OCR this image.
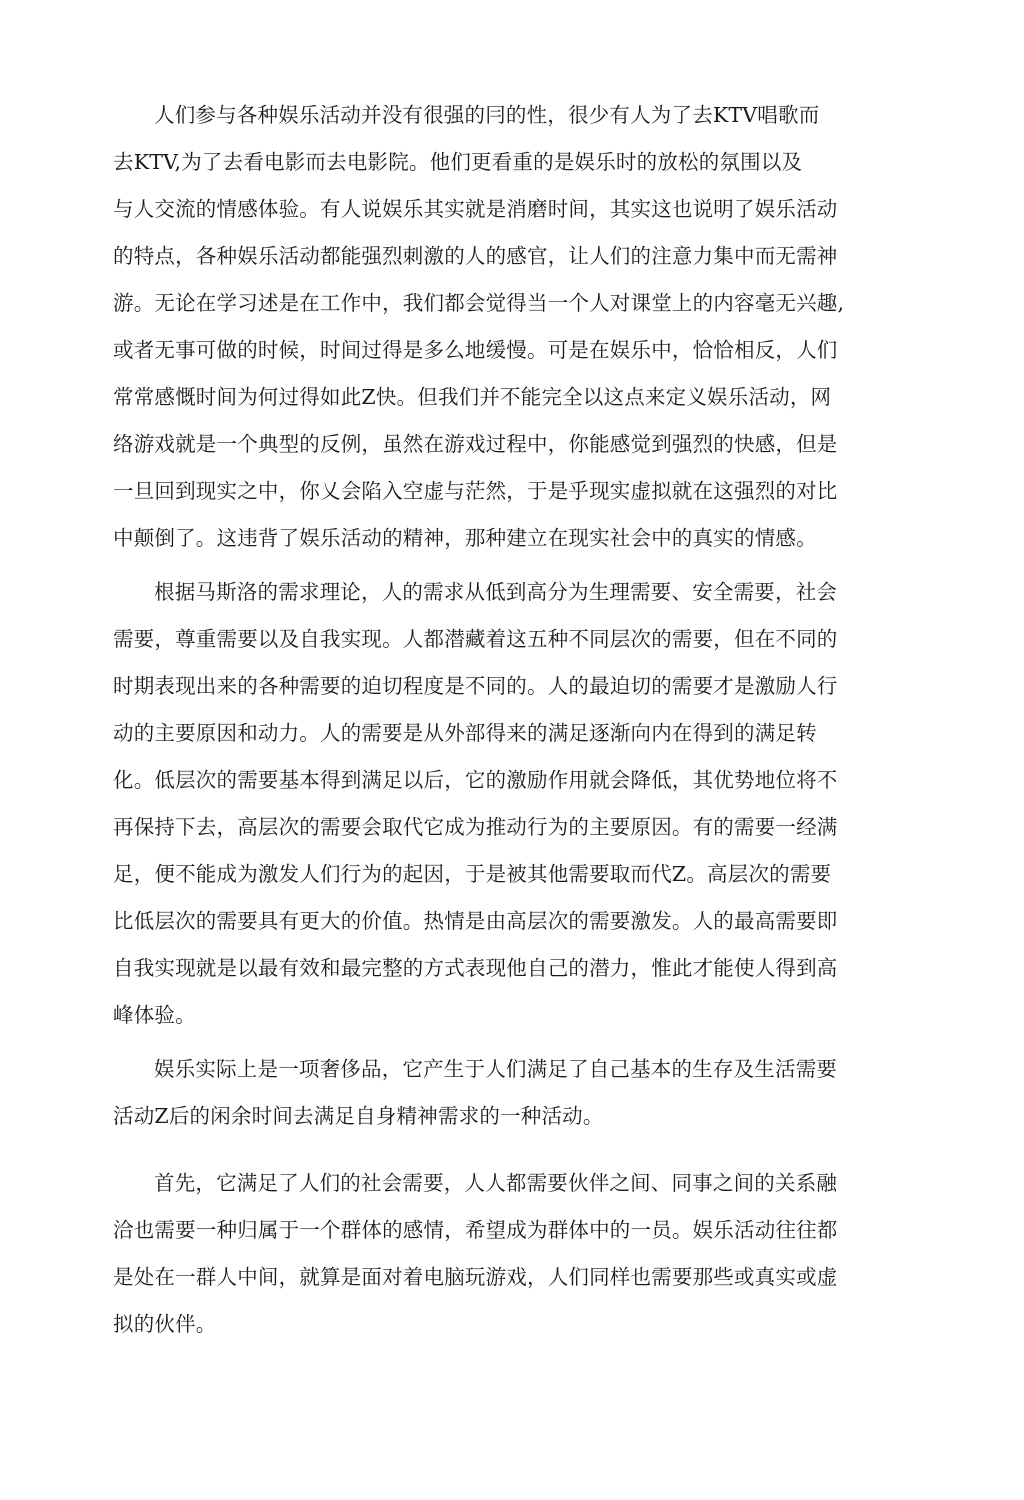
人们参与各种娱乐活动并没有很强的冃的性，很少有人为了去KTV唱歌而
去KTV,为了去看电影而去电影院。他们更看重的是娱乐时的放松的氛围以及
与人交流的情感体验。有人说娱乐其实就是消磨时间，其实这也说明了娱乐活动
的特点，各种娱乐活动都能强烈刺激的人的感官，让人们的注意力集中而无需神
游。无论在学习述是在工作中，我们都会觉得当一个人对课堂上的内容毫无兴趣,
或者无事可做的时候，时间过得是多么地缓慢。可是在娱乐中，恰恰相反，人们
常常感慨时间为何过得如此Z快。但我们并不能完全以这点来定义娱乐活动，网
络游戏就是一个典型的反例，虽然在游戏过程中，你能感觉到强烈的快感，但是
一旦回到现实之中，你乂会陷入空虚与茫然，于是乎现实虚拟就在这强烈的对比
中颠倒了。这违背了娱乐活动的精神，那种建立在现实社会中的真实的情感。
根据马斯洛的需求理论，人的需求从低到高分为生理需要、安全需要，社会
需要，尊重需要以及自我实现。人都潜藏着这五种不同层次的需要，但在不同的
时期表现出来的各种需要的迫切程度是不同的。人的最迫切的需要才是激励人行
动的主要原因和动力。人的需要是从外部得来的满足逐渐向内在得到的满足转
化。低层次的需要基本得到满足以后，它的激励作用就会降低，其优势地位将不
再保持下去，高层次的需要会取代它成为推动行为的主要原因。有的需要一经满
足，便不能成为激发人们行为的起因，于是被其他需要取而代Z。高层次的需要
比低层次的需要具有更大的价值。热情是由高层次的需要激发。人的最高需要即
自我实现就是以最有效和最完整的方式表现他自己的潜力，惟此才能使人得到高
峰体验。
娱乐实际上是一项奢侈品，它产生于人们满足了自己基本的生存及生活需要
活动Z后的闲余时间去满足自身精神需求的一种活动。
首先，它满足了人们的社会需要，人人都需要伙伴之间、同事之间的关系融
洽也需要一种归属于一个群体的感情，希望成为群体中的一员。娱乐活动往往都
是处在一群人中间，就算是面对着电脑玩游戏，人们同样也需要那些或真实或虚
拟的伙伴。
